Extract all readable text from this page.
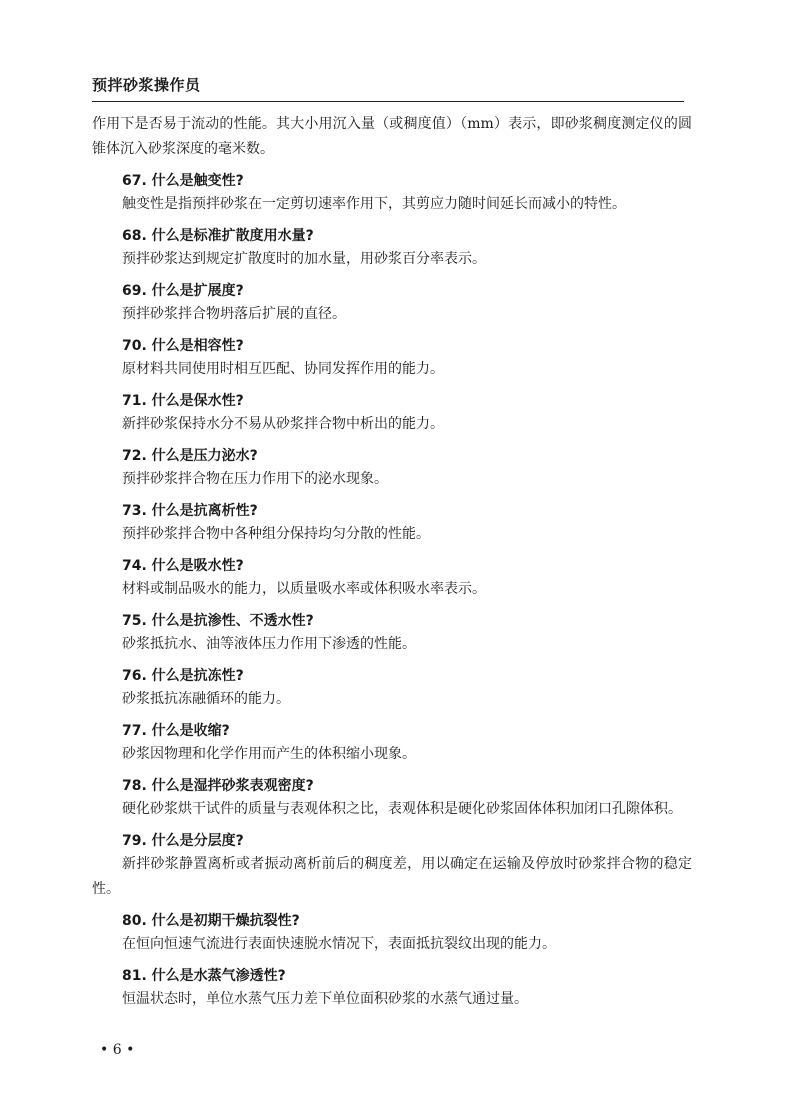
预拌砂浆操作员

作用下是否易于流动的性能。其大小用沉入量（或稠度值）（mm）表示，即砂浆稠度测定仪的圆锥体沉入砂浆深度的毫米数。

67. 什么是触变性?

触变性是指预拌砂浆在一定剪切速率作用下，其剪应力随时间延长而减小的特性。

68. 什么是标准扩散度用水量?

预拌砂浆达到规定扩散度时的加水量，用砂浆百分率表示。

69. 什么是扩展度?

预拌砂浆拌合物坍落后扩展的直径。

70. 什么是相容性?

原材料共同使用时相互匹配、协同发挥作用的能力。

71. 什么是保水性?

新拌砂浆保持水分不易从砂浆拌合物中析出的能力。

72. 什么是压力泌水?

预拌砂浆拌合物在压力作用下的泌水现象。

73. 什么是抗离析性?

预拌砂浆拌合物中各种组分保持均匀分散的性能。

74. 什么是吸水性?

材料或制品吸水的能力，以质量吸水率或体积吸水率表示。

75. 什么是抗渗性、不透水性?

砂浆抵抗水、油等液体压力作用下渗透的性能。

76. 什么是抗冻性?

砂浆抵抗冻融循环的能力。

77. 什么是收缩?

砂浆因物理和化学作用而产生的体积缩小现象。

78. 什么是湿拌砂浆表观密度?

硬化砂浆烘干试件的质量与表观体积之比，表观体积是硬化砂浆固体体积加闭口孔隙体积。

79. 什么是分层度?

新拌砂浆静置离析或者振动离析前后的稠度差，用以确定在运输及停放时砂浆拌合物的稳定性。

80. 什么是初期干燥抗裂性?

在恒向恒速气流进行表面快速脱水情况下，表面抵抗裂纹出现的能力。

81. 什么是水蒸气渗透性?

恒温状态时，单位水蒸气压力差下单位面积砂浆的水蒸气通过量。

• 6 •
